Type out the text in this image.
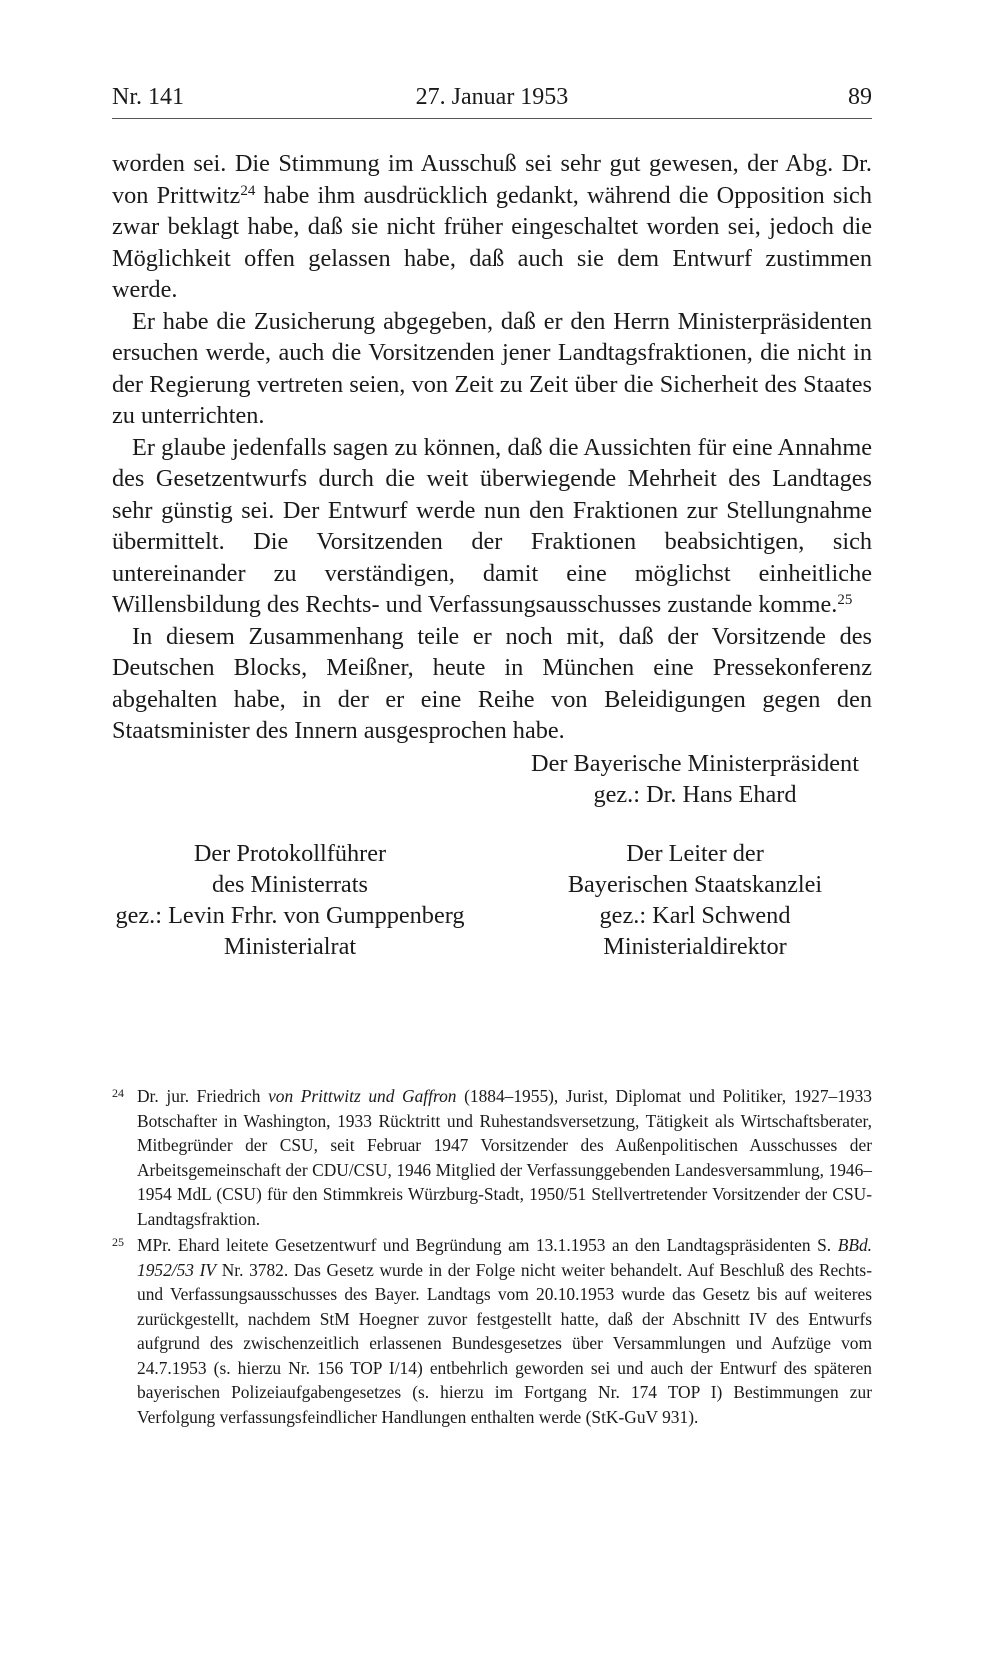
Nr. 141	27. Januar 1953	89

worden sei. Die Stimmung im Ausschuß sei sehr gut gewesen, der Abg. Dr. von Prittwitz$^{24}$ habe ihm ausdrücklich gedankt, während die Opposition sich zwar beklagt habe, daß sie nicht früher eingeschaltet worden sei, jedoch die Möglichkeit offen gelassen habe, daß auch sie dem Entwurf zustimmen werde.

Er habe die Zusicherung abgegeben, daß er den Herrn Ministerpräsidenten ersuchen werde, auch die Vorsitzenden jener Landtagsfraktionen, die nicht in der Regierung vertreten seien, von Zeit zu Zeit über die Sicherheit des Staates zu unterrichten.

Er glaube jedenfalls sagen zu können, daß die Aussichten für eine Annahme des Gesetzentwurfs durch die weit überwiegende Mehrheit des Landtages sehr günstig sei. Der Entwurf werde nun den Fraktionen zur Stellungnahme übermittelt. Die Vorsitzenden der Fraktionen beabsichtigen, sich untereinander zu verständigen, damit eine möglichst einheitliche Willensbildung des Rechts- und Verfassungsausschusses zustande komme.$^{25}$

In diesem Zusammenhang teile er noch mit, daß der Vorsitzende des Deutschen Blocks, Meißner, heute in München eine Pressekonferenz abgehalten habe, in der er eine Reihe von Beleidigungen gegen den Staatsminister des Innern ausgesprochen habe.

Der Bayerische Ministerpräsident
gez.: Dr. Hans Ehard
Der Protokollführer
des Ministerrats
gez.: Levin Frhr. von Gumppenberg
Ministerialrat
Der Leiter der
Bayerischen Staatskanzlei
gez.: Karl Schwend
Ministerialdirektor
24 Dr. jur. Friedrich von Prittwitz und Gaffron (1884–1955), Jurist, Diplomat und Politiker, 1927–1933 Botschafter in Washington, 1933 Rücktritt und Ruhestandsversetzung, Tätigkeit als Wirtschaftsberater, Mitbegründer der CSU, seit Februar 1947 Vorsitzender des Außenpolitischen Ausschusses der Arbeitsgemeinschaft der CDU/CSU, 1946 Mitglied der Verfassunggebenden Landesversammlung, 1946–1954 MdL (CSU) für den Stimmkreis Würzburg-Stadt, 1950/51 Stellvertretender Vorsitzender der CSU-Landtagsfraktion.
25 MPr. Ehard leitete Gesetzentwurf und Begründung am 13.1.1953 an den Landtagspräsidenten S. BBd. 1952/53 IV Nr. 3782. Das Gesetz wurde in der Folge nicht weiter behandelt. Auf Beschluß des Rechts- und Verfassungsausschusses des Bayer. Landtags vom 20.10.1953 wurde das Gesetz bis auf weiteres zurückgestellt, nachdem StM Hoegner zuvor festgestellt hatte, daß der Abschnitt IV des Entwurfs aufgrund des zwischenzeitlich erlassenen Bundesgesetzes über Versammlungen und Aufzüge vom 24.7.1953 (s. hierzu Nr. 156 TOP I/14) entbehrlich geworden sei und auch der Entwurf des späteren bayerischen Polizeiaufgabengesetzes (s. hierzu im Fortgang Nr. 174 TOP I) Bestimmungen zur Verfolgung verfassungsfeindlicher Handlungen enthalten werde (StK-GuV 931).
